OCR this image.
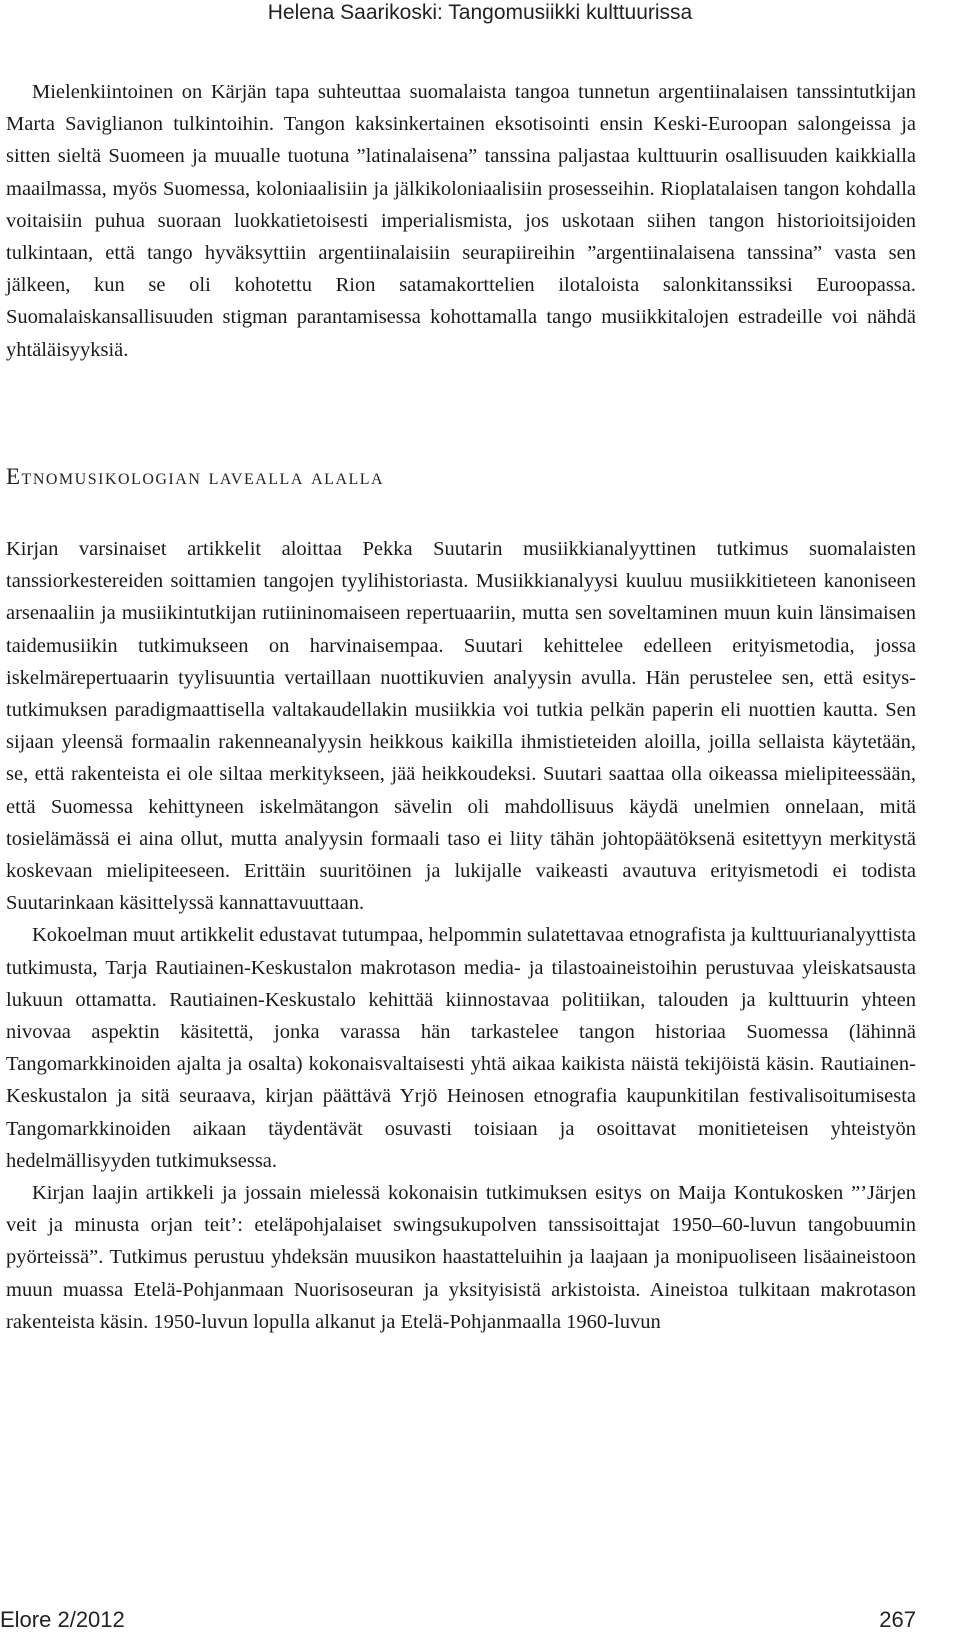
Helena Saarikoski: Tangomusiikki kulttuurissa

Mielenkiintoinen on Kärjän tapa suhteuttaa suomalaista tangoa tunnetun argentiinalaisen tanssintutkijan Marta Saviglianon tulkintoihin. Tangon kaksinkertainen eksotisointi ensin Keski-Euroopan salongeissa ja sitten sieltä Suomeen ja muualle tuotuna ”latinalaisena” tanssina paljastaa kulttuurin osallisuuden kaikkialla maailmassa, myös Suomessa, koloniaalisiin ja jälkikoloniaalisiin prosesseihin. Rioplatalaisen tangon kohdalla voitaisiin puhua suoraan luokkatietoisesti imperialismista, jos uskotaan siihen tangon historioitsijoiden tulkintaan, että tango hyväksyttiin argentiinalaisiin seurapiireihin ”argentiinalaisena tanssina” vasta sen jälkeen, kun se oli kohotettu Rion satamakorttelien ilotaloista salonkitanssiksi Euroopassa. Suomalaiskansallisuuden stigman parantamisessa kohottamalla tango musiikkitalojen estradeille voi nähdä yhtäläisyyksiä.

Etnomusikologian lavealla alalla

Kirjan varsinaiset artikkelit aloittaa Pekka Suutarin musiikkianalyyttinen tutkimus suomalaisten tanssiorkestereiden soittamien tangojen tyylihistoriasta. Musiikkianalyysi kuuluu musiikkitieteen kanoniseen arsenaaliin ja musiikintutkijan rutiininomaiseen repertuaariin, mutta sen soveltaminen muun kuin länsimaisen taidemusiikin tutkimukseen on harvinaisempaa. Suutari kehittelee edelleen erityismetodia, jossa iskelmärepertuaarin tyylisuuntia vertaillaan nuottikuvien analyysin avulla. Hän perustelee sen, että esitystutkimuksen paradigmaattisella valtakaudellakin musiikkia voi tutkia pelkän paperin eli nuottien kautta. Sen sijaan yleensä formaalin rakenneanalyysin heikkous kaikilla ihmistieteiden aloilla, joilla sellaista käytetään, se, että rakenteista ei ole siltaa merkitykseen, jää heikkoudeksi. Suutari saattaa olla oikeassa mielipiteessään, että Suomessa kehittyneen iskelmätangon sävelin oli mahdollisuus käydä unelmien onnelaan, mitä tosielämässä ei aina ollut, mutta analyysin formaali taso ei liity tähän johtopäätöksenä esitettyyn merkitystä koskevaan mielipiteeseen. Erittäin suuritöinen ja lukijalle vaikeasti avautuva erityismetodi ei todista Suutarinkaan käsittelyssä kannattavuuttaan.

Kokoelman muut artikkelit edustavat tutumpaa, helpommin sulatettavaa etnografista ja kulttuurianalyyttista tutkimusta, Tarja Rautiainen-Keskustalon makrotason media- ja tilastoaineistoihin perustuvaa yleiskatsausta lukuun ottamatta. Rautiainen-Keskustalo kehittää kiinnostavaa politiikan, talouden ja kulttuurin yhteen nivovaa aspektin käsitettä, jonka varassa hän tarkastelee tangon historiaa Suomessa (lähinnä Tangomarkkinoiden ajalta ja osalta) kokonaisvaltaisesti yhtä aikaa kaikista näistä tekijöistä käsin. Rautiainen-Keskustalon ja sitä seuraava, kirjan päättävä Yrjö Heinosen etnografia kaupunkitilan festivalisoitumisesta Tangomarkkinoiden aikaan täydentävät osuvasti toisiaan ja osoittavat monitieteisen yhteistyön hedelmällisyyden tutkimuksessa.

Kirjan laajin artikkeli ja jossain mielessä kokonaisin tutkimuksen esitys on Maija Kontukosken ”’Järjen veit ja minusta orjan teit’: eteläpohjalaiset swingsukupolven tanssisoittajat 1950–60-luvun tangobuumin pyörteissä”. Tutkimus perustuu yhdeksän muusikon haastatteluihin ja laajaan ja monipuoliseen lisäaineistoon muun muassa Etelä-Pohjanmaan Nuorisoseuran ja yksityisistä arkistoista. Aineistoa tulkitaan makrotason rakenteista käsin. 1950-luvun lopulla alkanut ja Etelä-Pohjanmaalla 1960-luvun

Elore 2/2012	267
